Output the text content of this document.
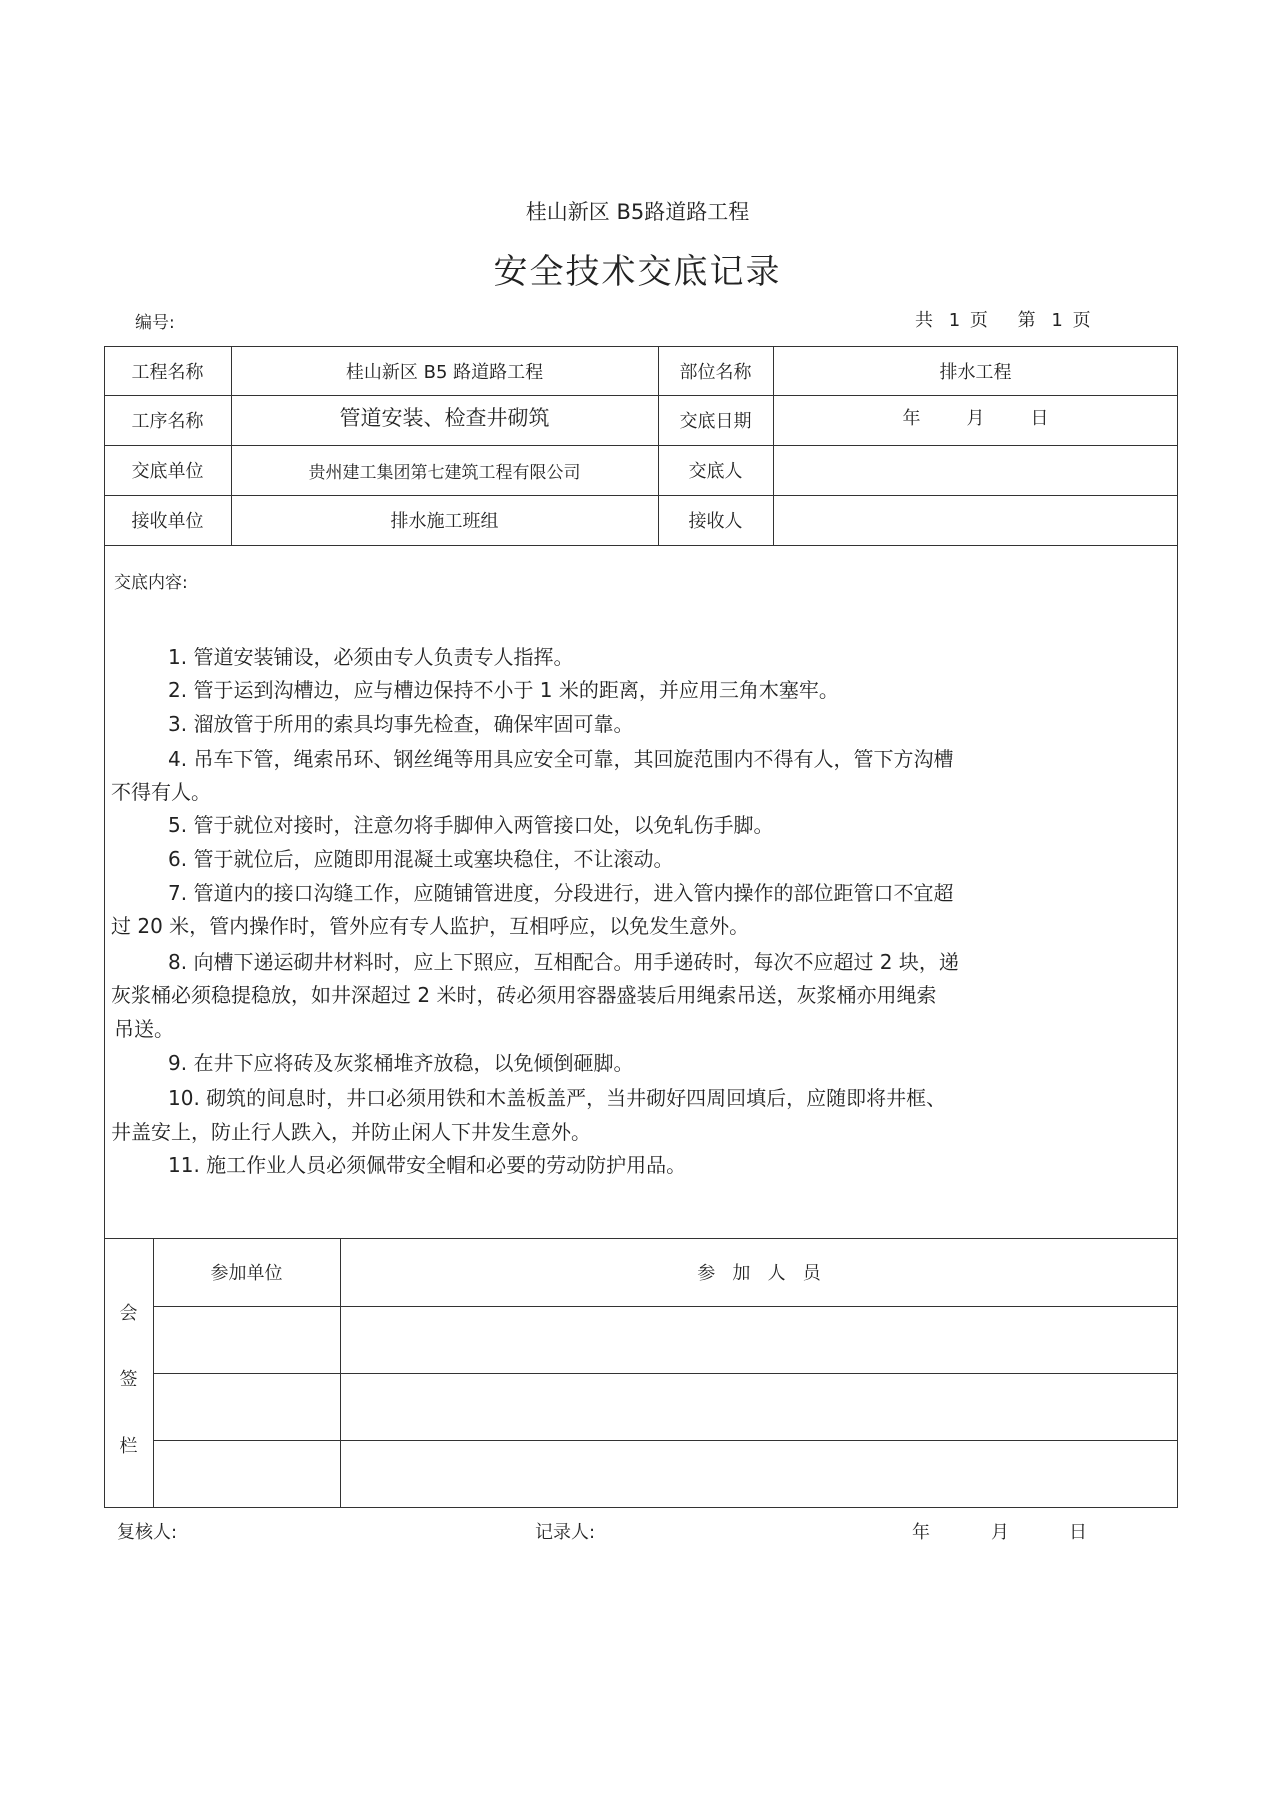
桂山新区 B5路道路工程
安全技术交底记录
编号:	共 1 页 第 1 页
工程名称	桂山新区 B5 路道路工程	部位名称	排水工程
工序名称	管道安装、检查井砌筑	交底日期	年	月	日
交底单位	贵州建工集团第七建筑工程有限公司	交底人
接收单位	排水施工班组	接收人
交底内容:
1. 管道安装铺设，必须由专人负责专人指挥。
2. 管于运到沟槽边，应与槽边保持不小于 1 米的距离，并应用三角木塞牢。
3. 溜放管于所用的索具均事先检查，确保牢固可靠。
4. 吊车下管，绳索吊环、钢丝绳等用具应安全可靠，其回旋范围内不得有人，管下方沟槽
不得有人。
5. 管于就位对接时，注意勿将手脚伸入两管接口处，以免轧伤手脚。
6. 管于就位后，应随即用混凝土或塞块稳住，不让滚动。
7. 管道内的接口沟缝工作，应随铺管进度，分段进行，进入管内操作的部位距管口不宜超
过 20 米，管内操作时，管外应有专人监护，互相呼应，以免发生意外。
8. 向槽下递运砌井材料时，应上下照应，互相配合。用手递砖时，每次不应超过 2 块，递
灰浆桶必须稳提稳放，如井深超过 2 米时，砖必须用容器盛装后用绳索吊送，灰浆桶亦用绳索
吊送。
9. 在井下应将砖及灰浆桶堆齐放稳，以免倾倒砸脚。
10. 砌筑的间息时，井口必须用铁和木盖板盖严，当井砌好四周回填后，应随即将井框、
井盖安上，防止行人跌入，并防止闲人下井发生意外。
11. 施工作业人员必须佩带安全帽和必要的劳动防护用品。
会
签
栏
参加单位	参   加   人   员
复核人:	记录人:	年	月	日
